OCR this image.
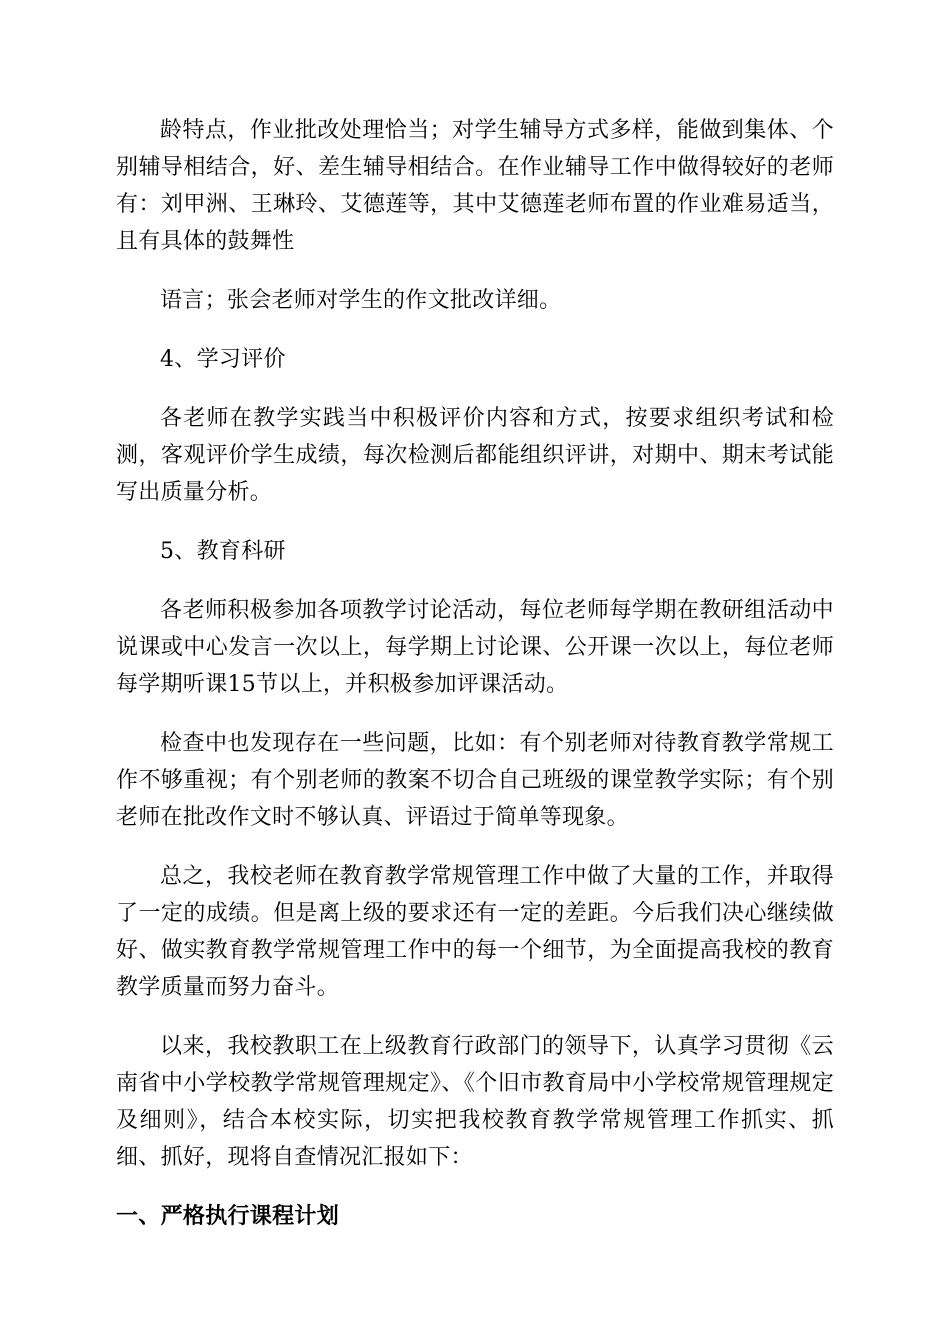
龄特点，作业批改处理恰当；对学生辅导方式多样，能做到集体、个别辅导相结合，好、差生辅导相结合。在作业辅导工作中做得较好的老师有：刘甲洲、王琳玲、艾德莲等，其中艾德莲老师布置的作业难易适当，且有具体的鼓舞性

语言；张会老师对学生的作文批改详细。

4、学习评价

各老师在教学实践当中积极评价内容和方式，按要求组织考试和检测，客观评价学生成绩，每次检测后都能组织评讲，对期中、期末考试能写出质量分析。

5、教育科研

各老师积极参加各项教学讨论活动，每位老师每学期在教研组活动中说课或中心发言一次以上，每学期上讨论课、公开课一次以上，每位老师每学期听课15节以上，并积极参加评课活动。

检查中也发现存在一些问题，比如：有个别老师对待教育教学常规工作不够重视；有个别老师的教案不切合自己班级的课堂教学实际；有个别老师在批改作文时不够认真、评语过于简单等现象。

总之，我校老师在教育教学常规管理工作中做了大量的工作，并取得了一定的成绩。但是离上级的要求还有一定的差距。今后我们决心继续做好、做实教育教学常规管理工作中的每一个细节，为全面提高我校的教育教学质量而努力奋斗。

以来，我校教职工在上级教育行政部门的领导下，认真学习贯彻《云南省中小学校教学常规管理规定》、《个旧市教育局中小学校常规管理规定及细则》，结合本校实际，切实把我校教育教学常规管理工作抓实、抓细、抓好，现将自查情况汇报如下：

一、严格执行课程计划
